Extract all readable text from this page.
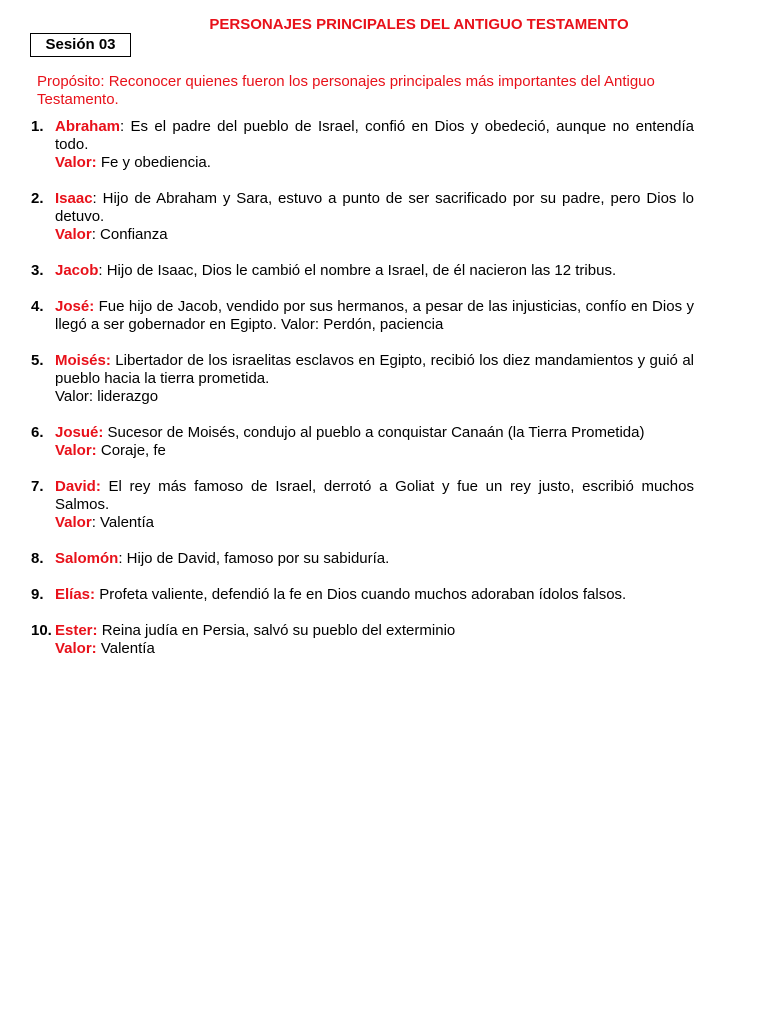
PERSONAJES PRINCIPALES DEL ANTIGUO TESTAMENTO
Sesión 03
Propósito: Reconocer quienes fueron los personajes principales más importantes del Antiguo Testamento.
1. Abraham: Es el padre del pueblo de Israel, confió en Dios y obedeció, aunque no entendía todo.
Valor: Fe y obediencia.
2. Isaac: Hijo de Abraham y Sara, estuvo a punto de ser sacrificado por su padre, pero Dios lo detuvo.
Valor: Confianza
3. Jacob: Hijo de Isaac, Dios le cambió el nombre a Israel, de él nacieron las 12 tribus.
4. José: Fue hijo de Jacob, vendido por sus hermanos, a pesar de las injusticias, confío en Dios y llegó a ser gobernador en Egipto. Valor: Perdón, paciencia
5. Moisés: Libertador de los israelitas esclavos en Egipto, recibió los diez mandamientos y guió al pueblo hacia la tierra prometida.
Valor: liderazgo
6. Josué: Sucesor de Moisés, condujo al pueblo a conquistar Canaán (la Tierra Prometida)
Valor: Coraje, fe
7. David: El rey más famoso de Israel, derrotó a Goliat y fue un rey justo, escribió muchos Salmos.
Valor: Valentía
8. Salomón: Hijo de David, famoso por su sabiduría.
9. Elías: Profeta valiente, defendió la fe en Dios cuando muchos adoraban ídolos falsos.
10. Ester: Reina judía en Persia, salvó su pueblo del exterminio
Valor: Valentía
